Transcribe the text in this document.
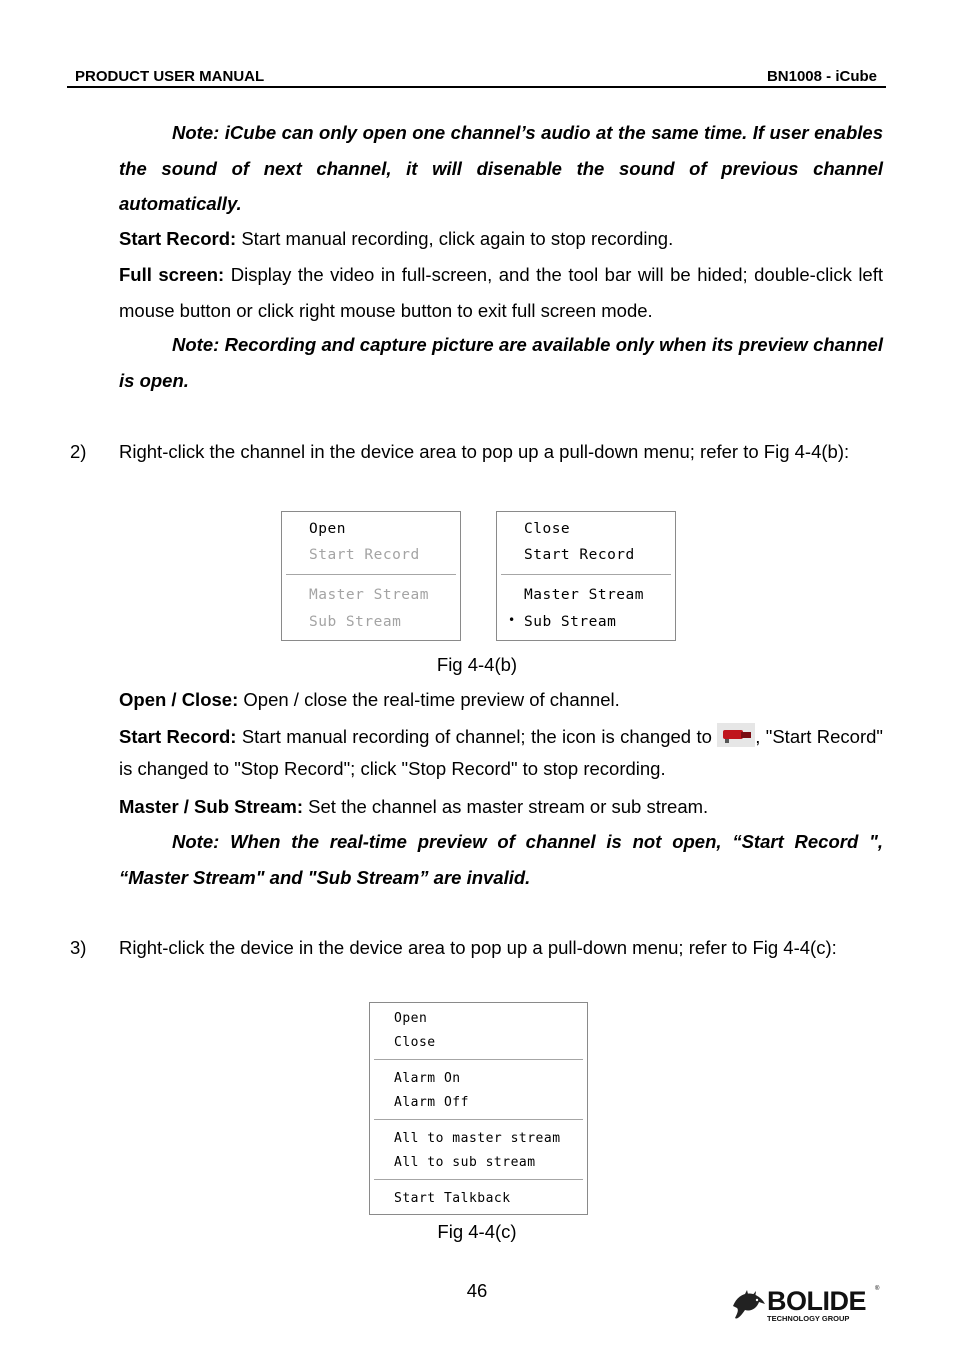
PRODUCT USER MANUAL	BN1008 - iCube
Note: iCube can only open one channel’s audio at the same time. If user enables the sound of next channel, it will disenable the sound of previous channel automatically.
Start Record: Start manual recording, click again to stop recording.
Full screen: Display the video in full-screen, and the tool bar will be hided; double-click left mouse button or click right mouse button to exit full screen mode.
Note: Recording and capture picture are available only when its preview channel is open.
2) Right-click the channel in the device area to pop up a pull-down menu; refer to Fig 4-4(b):
Open
Start Record
Master Stream
Sub Stream
Close
Start Record
Master Stream
• Sub Stream
Fig 4-4(b)
Open / Close: Open / close the real-time preview of channel.
Start Record: Start manual recording of channel; the icon is changed to , "Start Record" is changed to "Stop Record"; click "Stop Record" to stop recording.
Master / Sub Stream: Set the channel as master stream or sub stream.
Note: When the real-time preview of channel is not open, “Start Record ", “Master Stream" and "Sub Stream” are invalid.
3) Right-click the device in the device area to pop up a pull-down menu; refer to Fig 4-4(c):
Open
Close
Alarm On
Alarm Off
All to master stream
All to sub stream
Start Talkback
Fig 4-4(c)
46	BOLIDE
TECHNOLOGY GROUP
®
